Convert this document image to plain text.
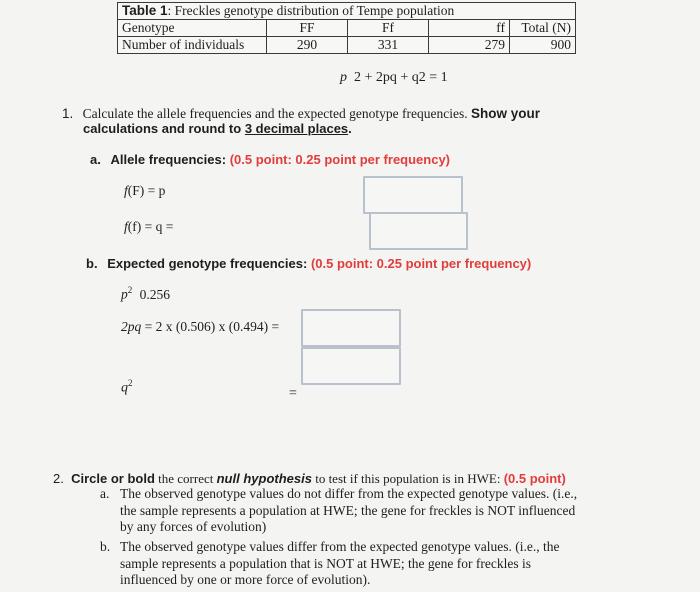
Table 1: Freckles genotype distribution of Tempe population				
Genotype	FF	Ff	ff	Total (N)
Number of individuals	290	331	279	900
p 2 + 2pq + q2 = 1
1. Calculate the allele frequencies and the expected genotype frequencies. Show your
calculations and round to 3 decimal places.
a. Allele frequencies: (0.5 point: 0.25 point per frequency)
f(F) = p
f(f) = q =
b. Expected genotype frequencies: (0.5 point: 0.25 point per frequency)
$p^2$ 0.256
2pq = 2 x (0.506) x (0.494) =
$q^2$
=
2. Circle or bold the correct null hypothesis to test if this population is in HWE: (0.5 point)
a. The observed genotype values do not differ from the expected genotype values. (i.e.,
the sample represents a population at HWE; the gene for freckles is NOT influenced
by any forces of evolution)
b. The observed genotype values differ from the expected genotype values. (i.e., the
sample represents a population that is NOT at HWE; the gene for freckles is
influenced by one or more force of evolution).
